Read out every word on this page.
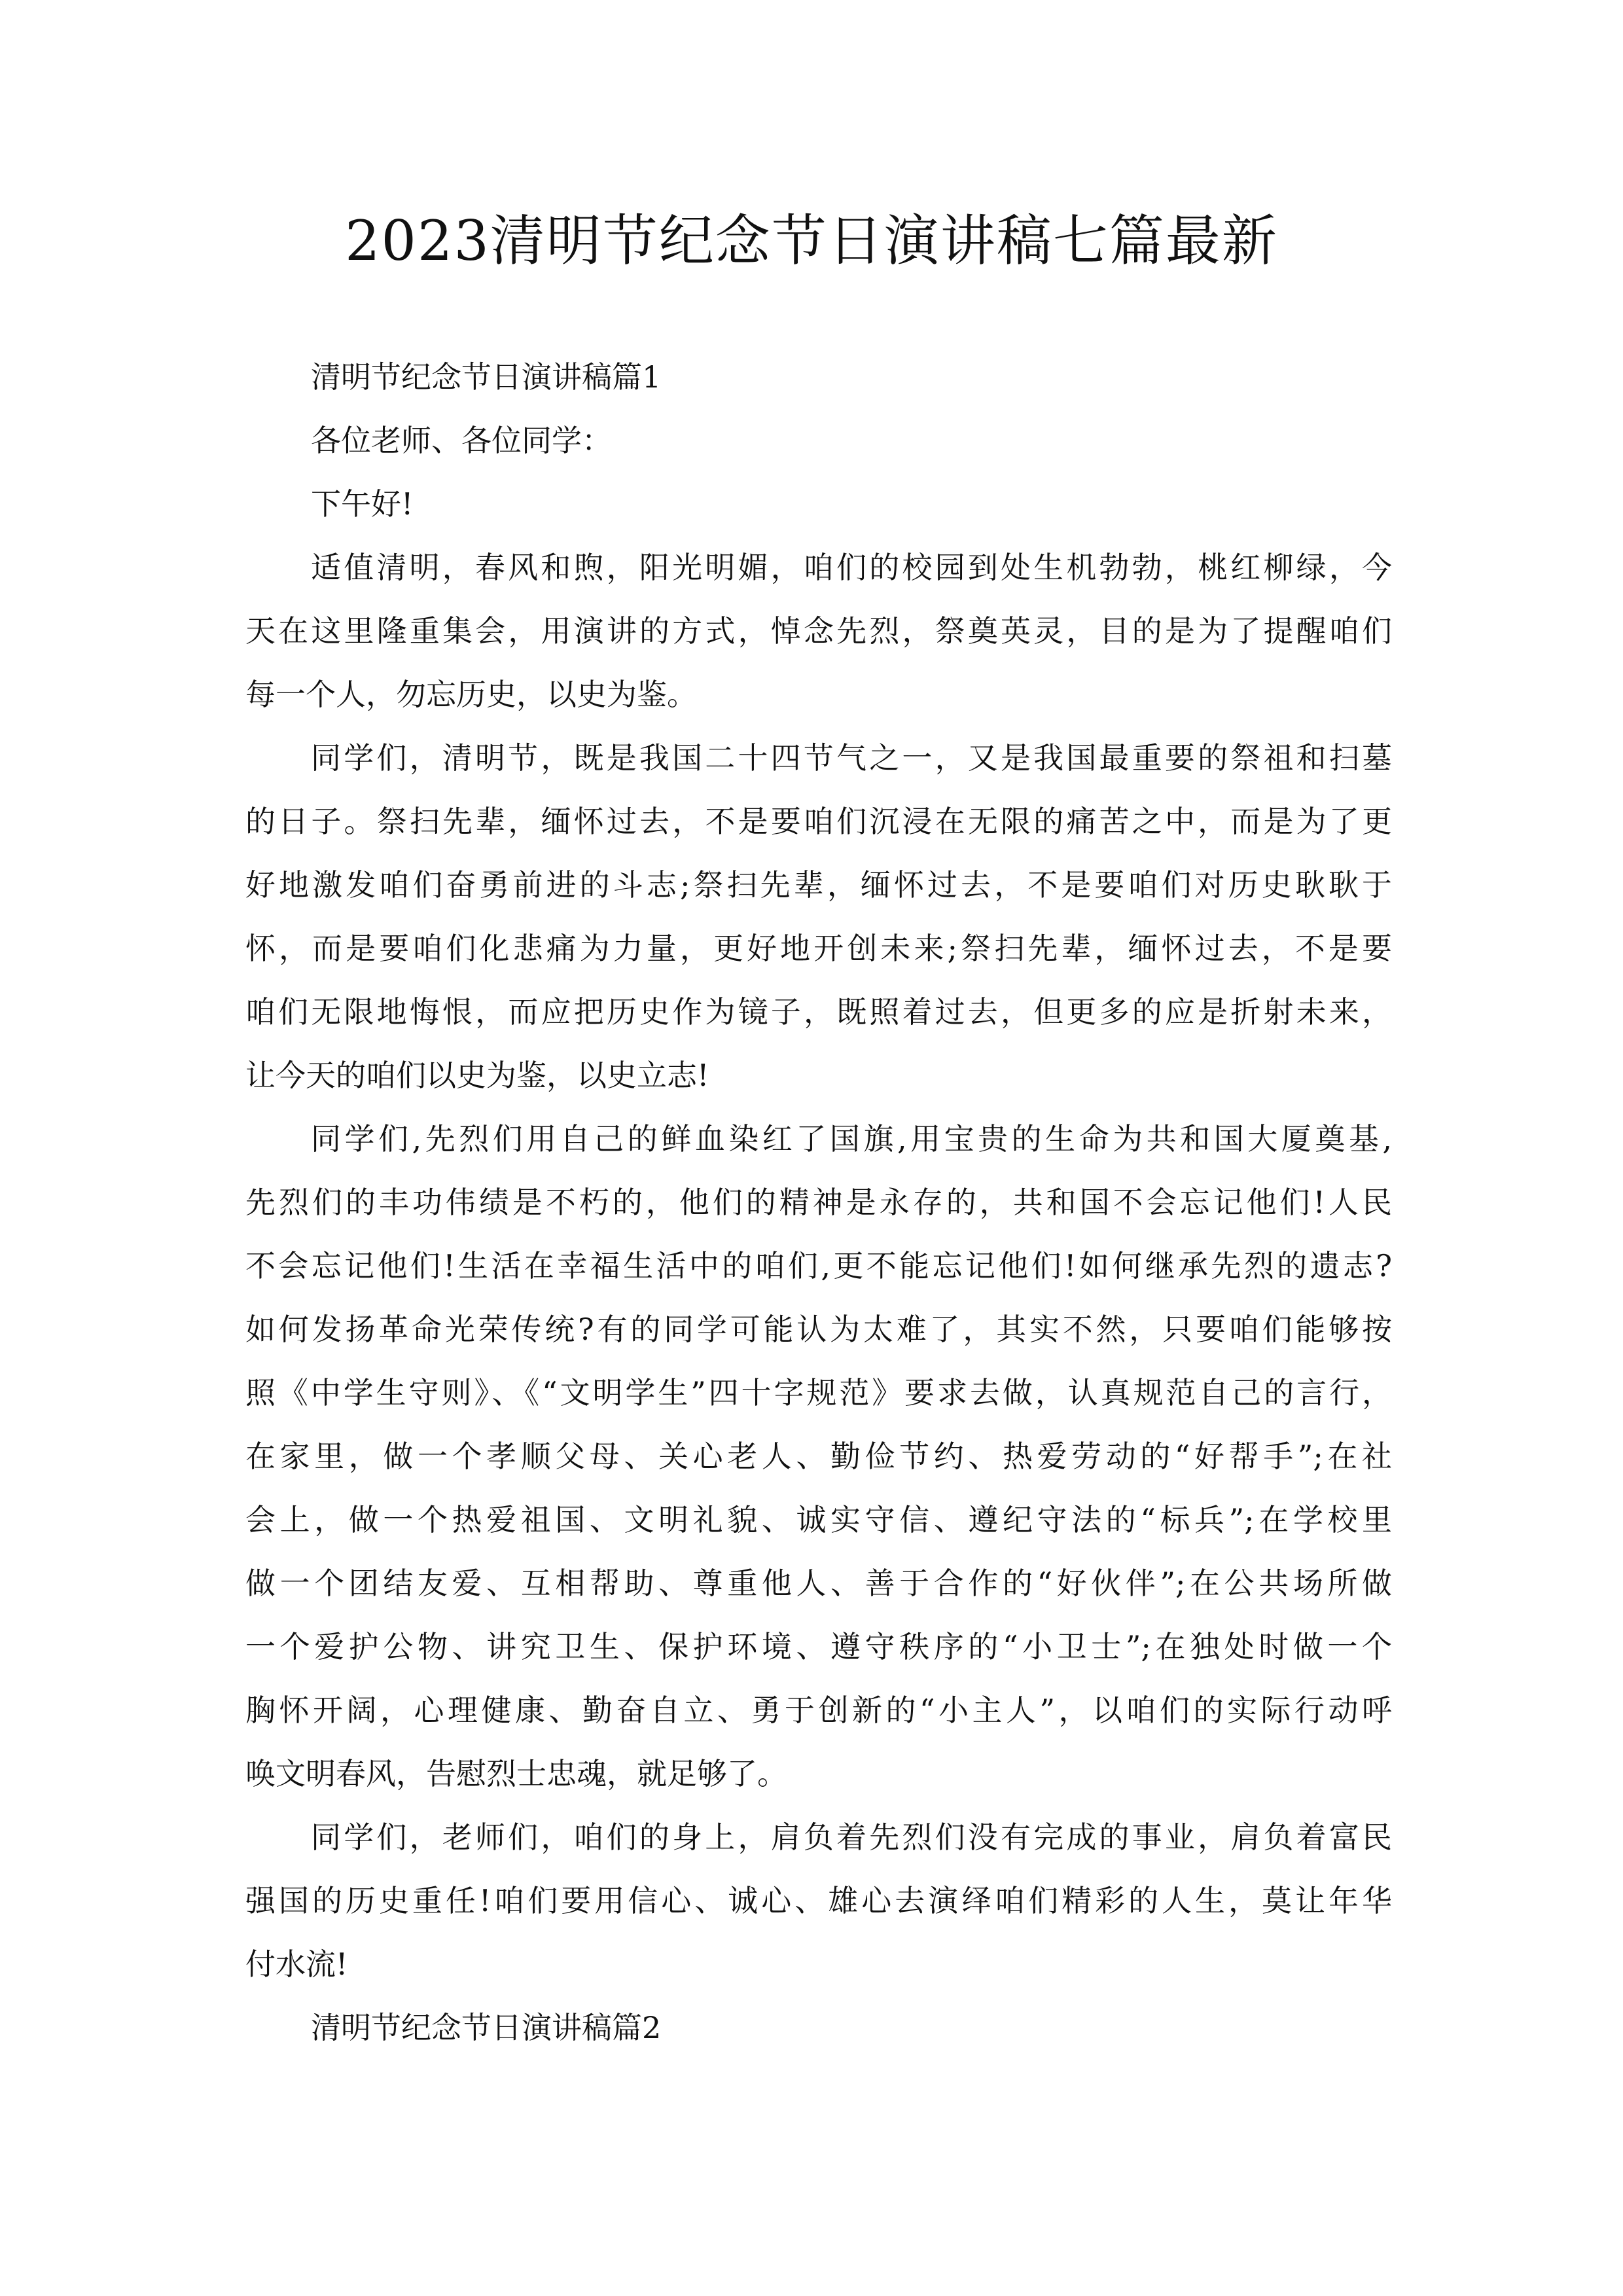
2023清明节纪念节日演讲稿七篇最新
清明节纪念节日演讲稿篇1
各位老师、各位同学：
下午好!
适值清明，春风和煦，阳光明媚，咱们的校园到处生机勃勃，桃红柳绿，今
天在这里隆重集会，用演讲的方式，悼念先烈，祭奠英灵，目的是为了提醒咱们
每一个人，勿忘历史，以史为鉴。
同学们，清明节，既是我国二十四节气之一，又是我国最重要的祭祖和扫墓
的日子。祭扫先辈，缅怀过去，不是要咱们沉浸在无限的痛苦之中，而是为了更
好地激发咱们奋勇前进的斗志;祭扫先辈，缅怀过去，不是要咱们对历史耿耿于
怀，而是要咱们化悲痛为力量，更好地开创未来;祭扫先辈，缅怀过去，不是要
咱们无限地悔恨，而应把历史作为镜子，既照着过去，但更多的应是折射未来，
让今天的咱们以史为鉴，以史立志!
同学们,先烈们用自己的鲜血染红了国旗,用宝贵的生命为共和国大厦奠基,
先烈们的丰功伟绩是不朽的，他们的精神是永存的，共和国不会忘记他们!人民
不会忘记他们!生活在幸福生活中的咱们,更不能忘记他们!如何继承先烈的遗志?
如何发扬革命光荣传统?有的同学可能认为太难了，其实不然，只要咱们能够按
照《中学生守则》、《“文明学生”四十字规范》要求去做，认真规范自己的言行，
在家里，做一个孝顺父母、关心老人、勤俭节约、热爱劳动的“好帮手”;在社
会上，做一个热爱祖国、文明礼貌、诚实守信、遵纪守法的“标兵”;在学校里
做一个团结友爱、互相帮助、尊重他人、善于合作的“好伙伴”;在公共场所做
一个爱护公物、讲究卫生、保护环境、遵守秩序的“小卫士”;在独处时做一个
胸怀开阔，心理健康、勤奋自立、勇于创新的“小主人”，以咱们的实际行动呼
唤文明春风，告慰烈士忠魂，就足够了。
同学们，老师们，咱们的身上，肩负着先烈们没有完成的事业，肩负着富民
强国的历史重任!咱们要用信心、诚心、雄心去演绎咱们精彩的人生，莫让年华
付水流!
清明节纪念节日演讲稿篇2
